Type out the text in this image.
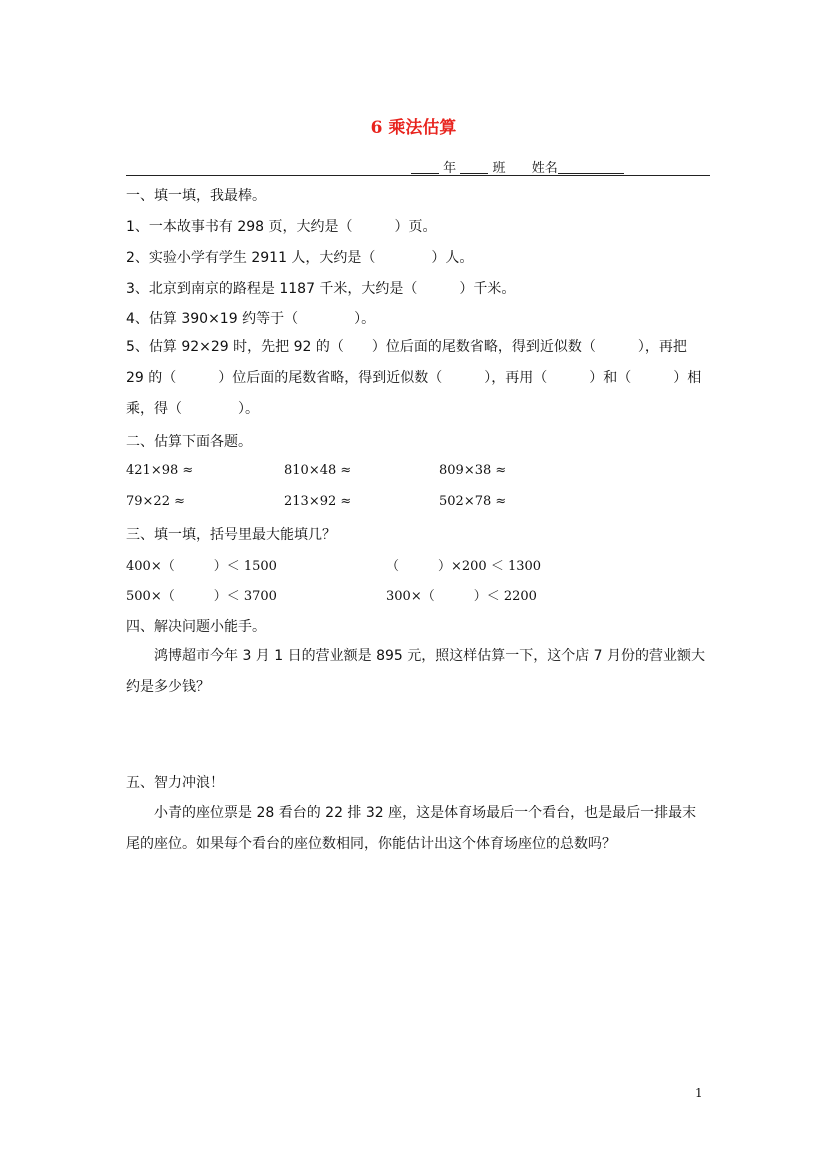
6 乘法估算
年	班 姓名
一、填一填，我最棒。
1、一本故事书有 298 页，大约是（　　　）页。
2、实验小学有学生 2911 人，大约是（　　　　）人。
3、北京到南京的路程是 1187 千米，大约是（　　　）千米。
4、估算 390×19 约等于（　　　　）。
5、估算 92×29 时，先把 92 的（　　）位后面的尾数省略，得到近似数（　　　），再把 29 的（　　　）位后面的尾数省略，得到近似数（　　　），再用（　　　）和（　　　）相乘，得（　　　　）。
二、估算下面各题。
421×98 ≈	810×48 ≈	809×38 ≈
79×22 ≈	213×92 ≈	502×78 ≈
三、填一填，括号里最大能填几？
400×（　　　）＜ 1500	（　　　）×200 ＜ 1300
500×（　　　）＜ 3700	300×（　　　）＜ 2200
四、解决问题小能手。
鸿博超市今年 3 月 1 日的营业额是 895 元，照这样估算一下，这个店 7 月份的营业额大约是多少钱？
五、智力冲浪！
小青的座位票是 28 看台的 22 排 32 座，这是体育场最后一个看台，也是最后一排最末尾的座位。如果每个看台的座位数相同，你能估计出这个体育场座位的总数吗？
1
